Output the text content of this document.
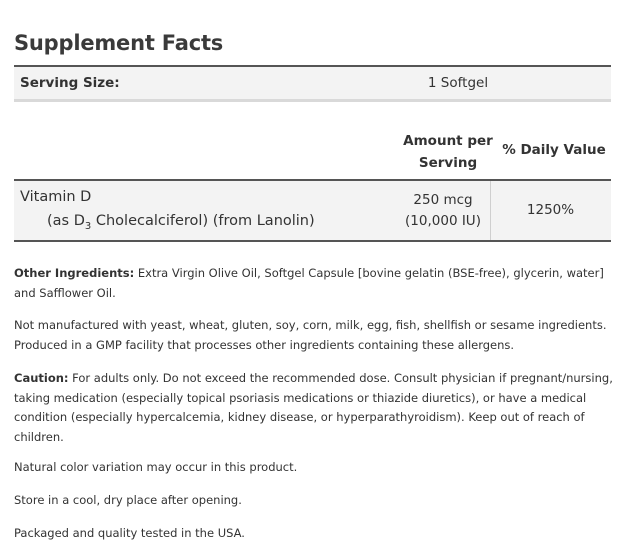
Supplement Facts
Serving Size:	1 Softgel
Amount per
Serving
% Daily Value
Vitamin D
(as $D_3$ Cholecalciferol) (from Lanolin)
250 mcg
(10,000 IU)
1250%

Other Ingredients: Extra Virgin Olive Oil, Softgel Capsule [bovine gelatin (BSE-free), glycerin, water] and Safflower Oil.

Not manufactured with yeast, wheat, gluten, soy, corn, milk, egg, fish, shellfish or sesame ingredients. Produced in a GMP facility that processes other ingredients containing these allergens.

Caution: For adults only. Do not exceed the recommended dose. Consult physician if pregnant/nursing, taking medication (especially topical psoriasis medications or thiazide diuretics), or have a medical condition (especially hypercalcemia, kidney disease, or hyperparathyroidism). Keep out of reach of children.

Natural color variation may occur in this product.

Store in a cool, dry place after opening.

Packaged and quality tested in the USA.
